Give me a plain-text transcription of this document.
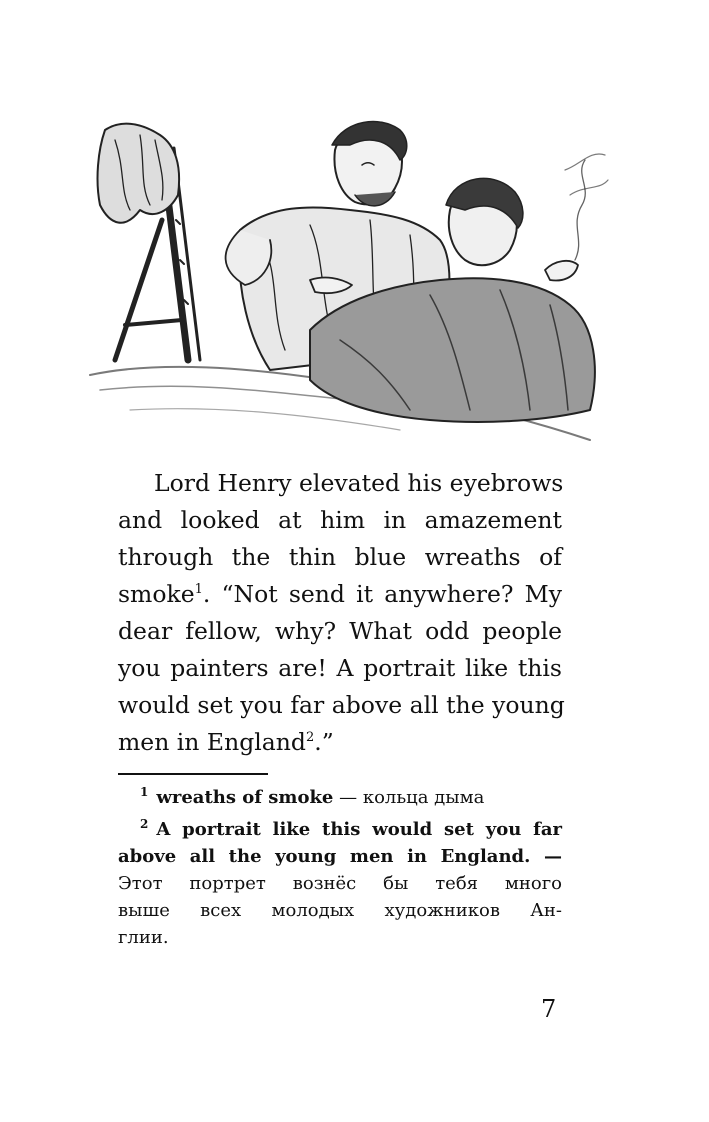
Lord Henry elevated his eyebrows
and looked at him in amazement
through the thin blue wreaths of
smoke$^1$. “Not send it anywhere? My
dear fellow, why? What odd people
you painters are! A portrait like this
would set you far above all the young
men in England$^2$.”
$^1$ wreaths of smoke — кольца дыма
$^2$ A portrait like this would set you far
above all the young men in England. —
Этот портрет вознёс бы тебя много
выше всех молодых художников Ан-
глии.
7
